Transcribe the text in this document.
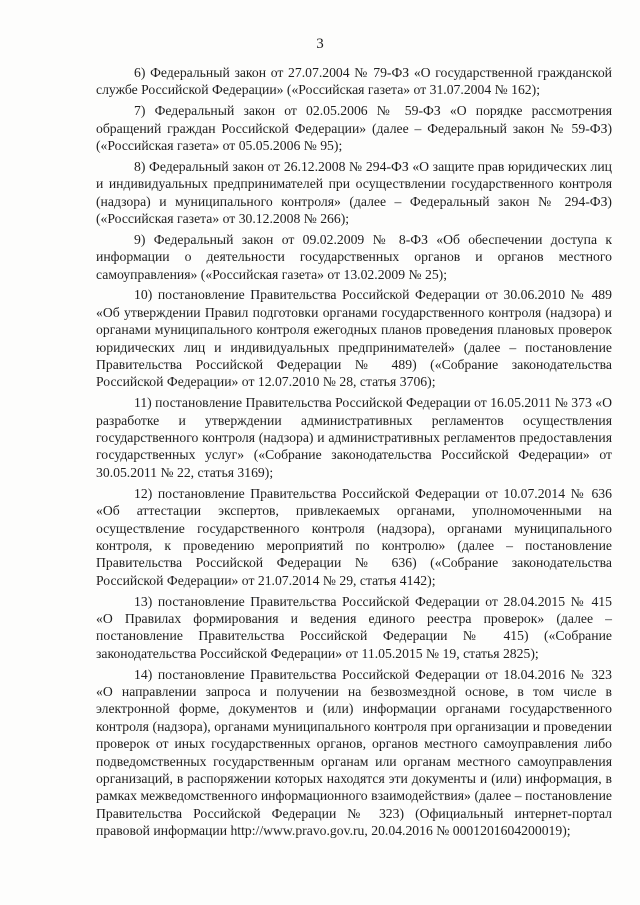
3

6) Федеральный закон от 27.07.2004 № 79-ФЗ «О государственной гражданской службе Российской Федерации» («Российская газета» от 31.07.2004 № 162);

7) Федеральный закон от 02.05.2006 № 59-ФЗ «О порядке рассмотрения обращений граждан Российской Федерации» (далее – Федеральный закон № 59-ФЗ) («Российская газета» от 05.05.2006 № 95);

8) Федеральный закон от 26.12.2008 № 294-ФЗ «О защите прав юридических лиц и индивидуальных предпринимателей при осуществлении государственного контроля (надзора) и муниципального контроля» (далее – Федеральный закон № 294-ФЗ) («Российская газета» от 30.12.2008 № 266);

9) Федеральный закон от 09.02.2009 № 8-ФЗ «Об обеспечении доступа к информации о деятельности государственных органов и органов местного самоуправления» («Российская газета» от 13.02.2009 № 25);

10) постановление Правительства Российской Федерации от 30.06.2010 № 489 «Об утверждении Правил подготовки органами государственного контроля (надзора) и органами муниципального контроля ежегодных планов проведения плановых проверок юридических лиц и индивидуальных предпринимателей» (далее – постановление Правительства Российской Федерации № 489) («Собрание законодательства Российской Федерации» от 12.07.2010 № 28, статья 3706);

11) постановление Правительства Российской Федерации от 16.05.2011 № 373 «О разработке и утверждении административных регламентов осуществления государственного контроля (надзора) и административных регламентов предоставления государственных услуг» («Собрание законодательства Российской Федерации» от 30.05.2011 № 22, статья 3169);

12) постановление Правительства Российской Федерации от 10.07.2014 № 636 «Об аттестации экспертов, привлекаемых органами, уполномоченными на осуществление государственного контроля (надзора), органами муниципального контроля, к проведению мероприятий по контролю» (далее – постановление Правительства Российской Федерации № 636) («Собрание законодательства Российской Федерации» от 21.07.2014 № 29, статья 4142);

13) постановление Правительства Российской Федерации от 28.04.2015 № 415 «О Правилах формирования и ведения единого реестра проверок» (далее – постановление Правительства Российской Федерации № 415) («Собрание законодательства Российской Федерации» от 11.05.2015 № 19, статья 2825);

14) постановление Правительства Российской Федерации от 18.04.2016 № 323 «О направлении запроса и получении на безвозмездной основе, в том числе в электронной форме, документов и (или) информации органами государственного контроля (надзора), органами муниципального контроля при организации и проведении проверок от иных государственных органов, органов местного самоуправления либо подведомственных государственным органам или органам местного самоуправления организаций, в распоряжении которых находятся эти документы и (или) информация, в рамках межведомственного информационного взаимодействия» (далее – постановление Правительства Российской Федерации № 323) (Официальный интернет-портал правовой информации http://www.pravo.gov.ru, 20.04.2016 № 0001201604200019);
